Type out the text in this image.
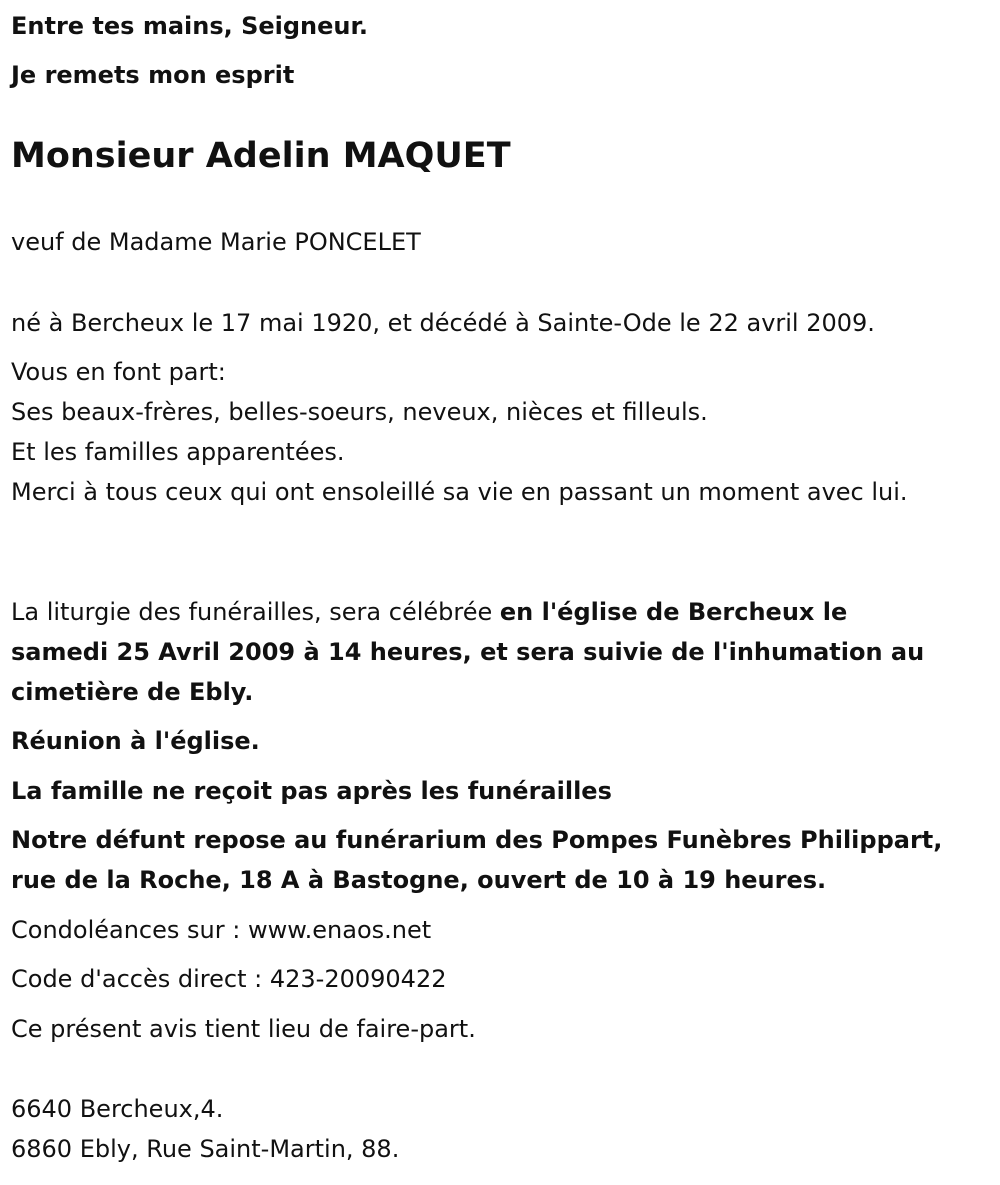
Entre tes mains, Seigneur.

Je remets mon esprit

Monsieur Adelin MAQUET

veuf de Madame Marie PONCELET

né à Bercheux le 17 mai 1920, et décédé à Sainte-Ode le 22 avril 2009.

Vous en font part:
Ses beaux-frères, belles-soeurs, neveux, nièces et filleuls.
Et les familles apparentées.
Merci à tous ceux qui ont ensoleillé sa vie en passant un moment avec lui.

La liturgie des funérailles, sera célébrée en l'église de Bercheux le samedi 25 Avril 2009 à 14 heures, et sera suivie de l'inhumation au cimetière de Ebly.

Réunion à l'église.

La famille ne reçoit pas après les funérailles

Notre défunt repose au funérarium des Pompes Funèbres Philippart,
rue de la Roche, 18 A à Bastogne, ouvert de 10 à 19 heures.

Condoléances sur : www.enaos.net

Code d'accès direct : 423-20090422

Ce présent avis tient lieu de faire-part.

6640 Bercheux,4.
6860 Ebly, Rue Saint-Martin, 88.
